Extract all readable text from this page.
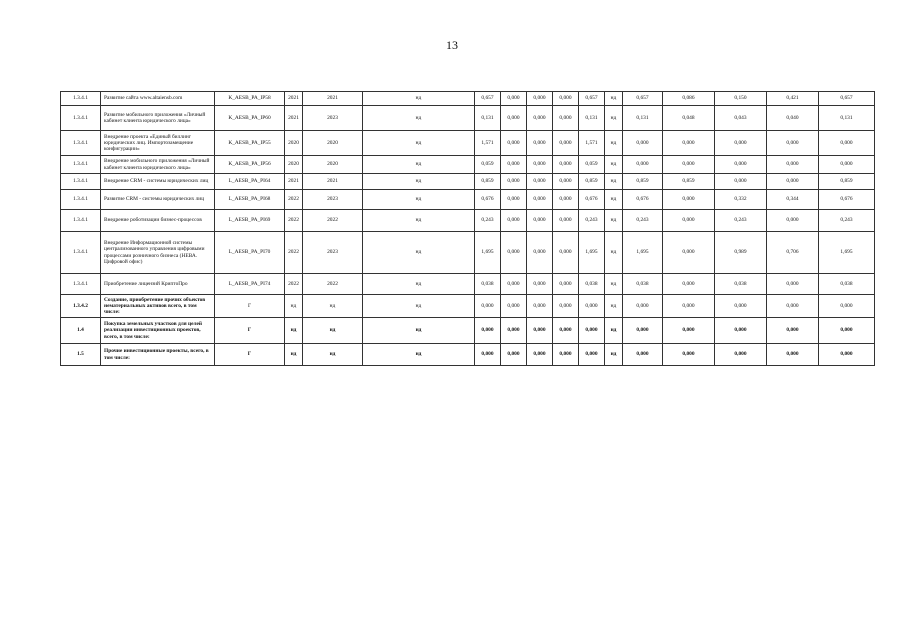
13
1.3.4.1	Развитие сайта www.altaiensb.com	K_AESB_PA_IP58	2021	2021	нд	0,657	0,000	0,000	0,000	0,657	нд	0,657	0,086	0,150	0,421	0,657
1.3.4.1	Развитие мобильного приложения «Личный кабинет клиента юридического лица»	K_AESB_PA_IP60	2021	2023	нд	0,131	0,000	0,000	0,000	0,131	нд	0,131	0,048	0,043	0,040	0,131
1.3.4.1	Внедрение проекта «Единый биллинг юридических лиц. Импортозамещение конфигурации»	K_AESB_PA_IP55	2020	2020	нд	1,571	0,000	0,000	0,000	1,571	нд	0,000	0,000	0,000	0,000	0,000
1.3.4.1	Внедрение мобильного приложения «Личный кабинет клиента юридического лица»	K_AESB_PA_IP56	2020	2020	нд	0,059	0,000	0,000	0,000	0,059	нд	0,000	0,000	0,000	0,000	0,000
1.3.4.1	Внедрение CRM - системы юридических лиц	L_AESB_PA_PI64	2021	2021	нд	0,859	0,000	0,000	0,000	0,859	нд	0,859	0,859	0,000	0,000	0,859
1.3.4.1	Развитие CRM - системы юридических лиц	L_AESB_PA_PI68	2022	2023	нд	0,676	0,000	0,000	0,000	0,676	нд	0,676	0,000	0,332	0,344	0,676
1.3.4.1	Внедрение роботизации бизнес-процессов	L_AESB_PA_PI69	2022	2022	нд	0,243	0,000	0,000	0,000	0,243	нд	0,243	0,000	0,243	0,000	0,243
1.3.4.1	Внедрение Информационной системы централизованного управления цифровыми процессами розничного бизнеса (НЕВА. Цифровой офис)	L_AESB_PA_PI70	2022	2023	нд	1,695	0,000	0,000	0,000	1,695	нд	1,695	0,000	0,989	0,706	1,695
1.3.4.1	Приобретение лицензий КриптоПро	L_AESB_PA_PI74	2022	2022	нд	0,038	0,000	0,000	0,000	0,038	нд	0,038	0,000	0,038	0,000	0,038
1.3.4.2	Создание, приобретение прочих объектов нематериальных активов всего, в том числе:	Г	нд	нд	нд	0,000	0,000	0,000	0,000	0,000	нд	0,000	0,000	0,000	0,000	0,000
1.4	Покупка земельных участков для целей реализации инвестиционных проектов, всего, в том числе:	Г	нд	нд	нд	0,000	0,000	0,000	0,000	0,000	нд	0,000	0,000	0,000	0,000	0,000
1.5	Прочие инвестиционные проекты, всего, в том числе:	Г	нд	нд	нд	0,000	0,000	0,000	0,000	0,000	нд	0,000	0,000	0,000	0,000	0,000
